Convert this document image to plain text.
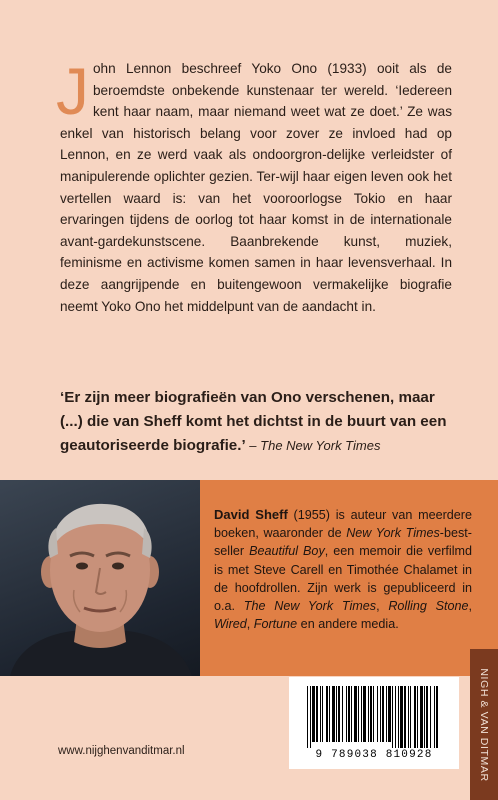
John Lennon beschreef Yoko Ono (1933) ooit als de beroemdste onbekende kunstenaar ter wereld. ‘Iedereen kent haar naam, maar niemand weet wat ze doet.’ Ze was enkel van historisch belang voor zover ze invloed had op Lennon, en ze werd vaak als ondoorgron-delijke verleidster of manipulerende oplichter gezien. Ter-wijl haar eigen leven ook het vertellen waard is: van het vooroorlogse Tokio en haar ervaringen tijdens de oorlog tot haar komst in de internationale avant-gardekunstscene. Baanbrekende kunst, muziek, feminisme en activisme komen samen in haar levensverhaal. In deze aangrijpende en buitengewoon vermakelijke biografie neemt Yoko Ono het middelpunt van de aandacht in.

‘Er zijn meer biografieën van Ono verschenen, maar (...) die van Sheff komt het dichtst in de buurt van een geautoriseerde biografie.’ – The New York Times

David Sheff (1955) is auteur van meerdere boeken, waaronder de New York Times-best-seller Beautiful Boy, een memoir die verfilmd is met Steve Carell en Timothée Chalamet in de hoofdrollen. Zijn werk is gepubliceerd in o.a. The New York Times, Rolling Stone, Wired, Fortune en andere media.

9 789038 810928	NIGH & VAN DITMAR
www.nijghenvanditmar.nl
